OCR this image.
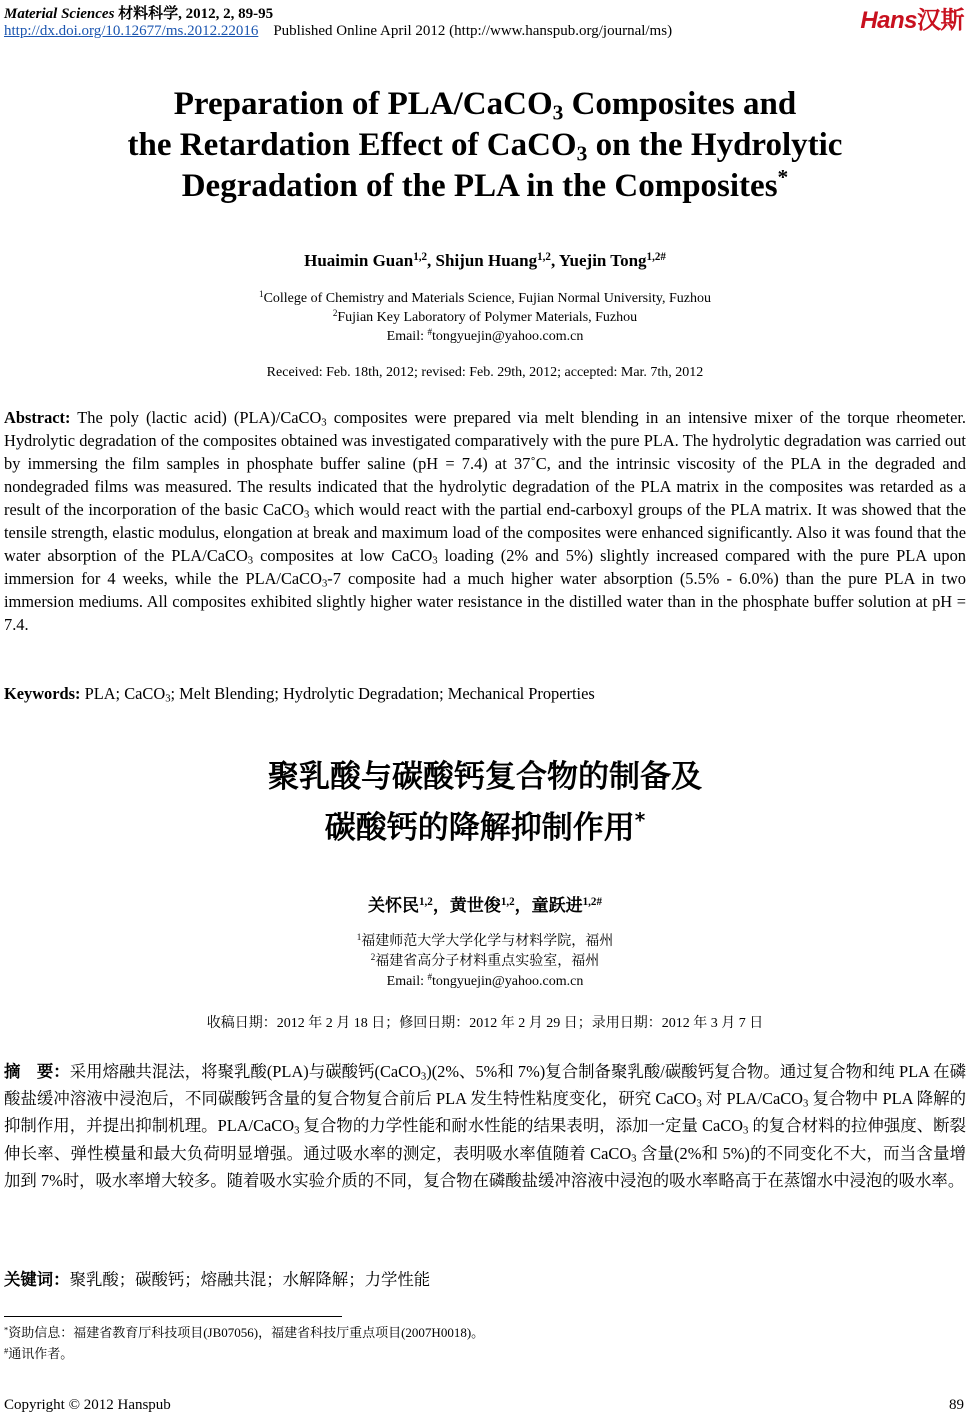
Material Sciences 材料科学, 2012, 2, 89-95
http://dx.doi.org/10.12677/ms.2012.22016 Published Online April 2012 (http://www.hanspub.org/journal/ms)	Hans汉斯
Preparation of PLA/CaCO$_3$ Composites and
the Retardation Effect of CaCO$_3$ on the Hydrolytic
Degradation of the PLA in the Composites*
Huaimin Guan$^{1,2}$, Shijun Huang$^{1,2}$, Yuejin Tong$^{1,2\#}$
$^1$College of Chemistry and Materials Science, Fujian Normal University, Fuzhou
$^2$Fujian Key Laboratory of Polymer Materials, Fuzhou
Email: #tongyuejin@yahoo.com.cn
Received: Feb. 18th, 2012; revised: Feb. 29th, 2012; accepted: Mar. 7th, 2012
Abstract: The poly (lactic acid) (PLA)/CaCO$_3$ composites were prepared via melt blending in an intensive mixer of the torque rheometer. Hydrolytic degradation of the composites obtained was investigated comparatively with the pure PLA. The hydrolytic degradation was carried out by immersing the film samples in phosphate buffer saline (pH = 7.4) at 37˚C, and the intrinsic viscosity of the PLA in the degraded and nondegraded films was measured. The results indicated that the hydrolytic degradation of the PLA matrix in the composites was retarded as a result of the incorporation of the basic CaCO$_3$ which would react with the partial end-carboxyl groups of the PLA matrix. It was showed that the tensile strength, elastic modulus, elongation at break and maximum load of the composites were enhanced significantly. Also it was found that the water absorption of the PLA/CaCO$_3$ composites at low CaCO$_3$ loading (2% and 5%) slightly increased compared with the pure PLA upon immersion for 4 weeks, while the PLA/CaCO$_3$-7 composite had a much higher water absorption (5.5% - 6.0%) than the pure PLA in two immersion mediums. All composites exhibited slightly higher water resistance in the distilled water than in the phosphate buffer solution at pH = 7.4.
Keywords: PLA; CaCO$_3$; Melt Blending; Hydrolytic Degradation; Mechanical Properties
聚乳酸与碳酸钙复合物的制备及
碳酸钙的降解抑制作用*
关怀民$^{1,2}$，黄世俊$^{1,2}$，童跃进$^{1,2\#}$
$^1$福建师范大学大学化学与材料学院，福州
$^2$福建省高分子材料重点实验室，福州
Email: #tongyuejin@yahoo.com.cn
收稿日期：2012 年 2 月 18 日；修回日期：2012 年 2 月 29 日；录用日期：2012 年 3 月 7 日
摘　要：采用熔融共混法，将聚乳酸(PLA)与碳酸钙(CaCO$_3$)(2%、5%和 7%)复合制备聚乳酸/碳酸钙复合物。通过复合物和纯 PLA 在磷酸盐缓冲溶液中浸泡后，不同碳酸钙含量的复合物复合前后 PLA 发生特性粘度变化，研究 CaCO$_3$ 对 PLA/CaCO$_3$ 复合物中 PLA 降解的抑制作用，并提出抑制机理。PLA/CaCO$_3$ 复合物的力学性能和耐水性能的结果表明，添加一定量 CaCO$_3$ 的复合材料的拉伸强度、断裂伸长率、弹性模量和最大负荷明显增强。通过吸水率的测定，表明吸水率值随着 CaCO$_3$ 含量(2%和 5%)的不同变化不大，而当含量增加到 7%时，吸水率增大较多。随着吸水实验介质的不同，复合物在磷酸盐缓冲溶液中浸泡的吸水率略高于在蒸馏水中浸泡的吸水率。
关键词：聚乳酸；碳酸钙；熔融共混；水解降解；力学性能
*资助信息：福建省教育厅科技项目(JB07056)，福建省科技厅重点项目(2007H0018)。
#通讯作者。
Copyright © 2012 Hanspub	89
